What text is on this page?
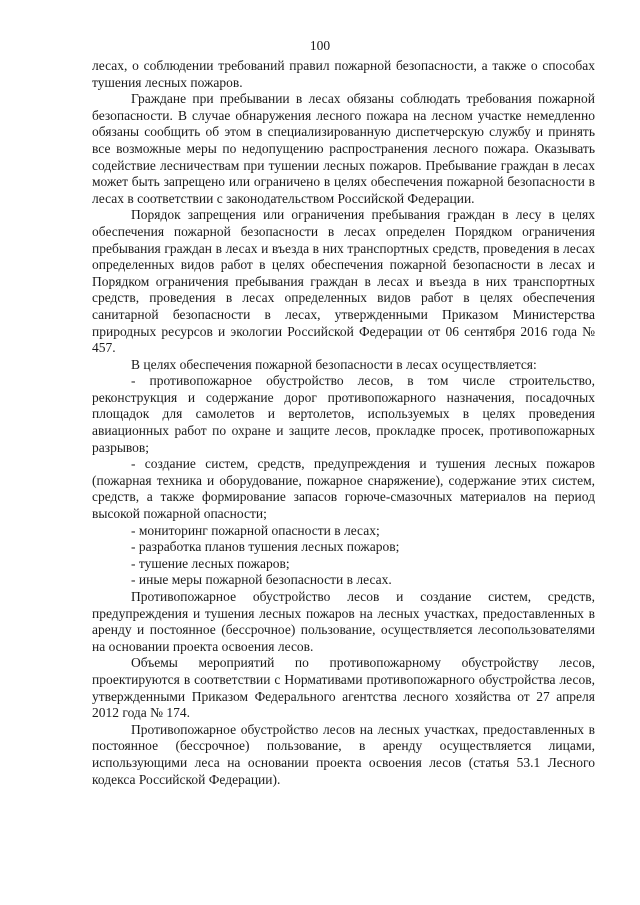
100

лесах, о соблюдении требований правил пожарной безопасности, а также о способах тушения лесных пожаров.

Граждане при пребывании в лесах обязаны соблюдать требования пожарной безопасности. В случае обнаружения лесного пожара на лесном участке немедленно обязаны сообщить об этом в специализированную диспетчерскую службу и принять все возможные меры по недопущению распространения лесного пожара. Оказывать содействие лесничествам при тушении лесных пожаров. Пребывание граждан в лесах может быть запрещено или ограничено в целях обеспечения пожарной безопасности в лесах в соответствии с законодательством Российской Федерации.

Порядок запрещения или ограничения пребывания граждан в лесу в целях обеспечения пожарной безопасности в лесах определен Порядком ограничения пребывания граждан в лесах и въезда в них транспортных средств, проведения в лесах определенных видов работ в целях обеспечения пожарной безопасности в лесах и Порядком ограничения пребывания граждан в лесах и въезда в них транспортных средств, проведения в лесах определенных видов работ в целях обеспечения санитарной безопасности в лесах, утвержденными Приказом Министерства природных ресурсов и экологии Российской Федерации от 06 сентября 2016 года № 457.

В целях обеспечения пожарной безопасности в лесах осуществляется:

- противопожарное обустройство лесов, в том числе строительство, реконструкция и содержание дорог противопожарного назначения, посадочных площадок для самолетов и вертолетов, используемых в целях проведения авиационных работ по охране и защите лесов, прокладке просек, противопожарных разрывов;

- создание систем, средств, предупреждения и тушения лесных пожаров (пожарная техника и оборудование, пожарное снаряжение), содержание этих систем, средств, а также формирование запасов горюче-смазочных материалов на период высокой пожарной опасности;

- мониторинг пожарной опасности в лесах;

- разработка планов тушения лесных пожаров;

- тушение лесных пожаров;

- иные меры пожарной безопасности в лесах.

Противопожарное обустройство лесов и создание систем, средств, предупреждения и тушения лесных пожаров на лесных участках, предоставленных в аренду и постоянное (бессрочное) пользование, осуществляется лесопользователями на основании проекта освоения лесов.

Объемы мероприятий по противопожарному обустройству лесов, проектируются в соответствии с Нормативами противопожарного обустройства лесов, утвержденными Приказом Федерального агентства лесного хозяйства от 27 апреля 2012 года № 174.

Противопожарное обустройство лесов на лесных участках, предоставленных в постоянное (бессрочное) пользование, в аренду осуществляется лицами, использующими леса на основании проекта освоения лесов (статья 53.1 Лесного кодекса Российской Федерации).
